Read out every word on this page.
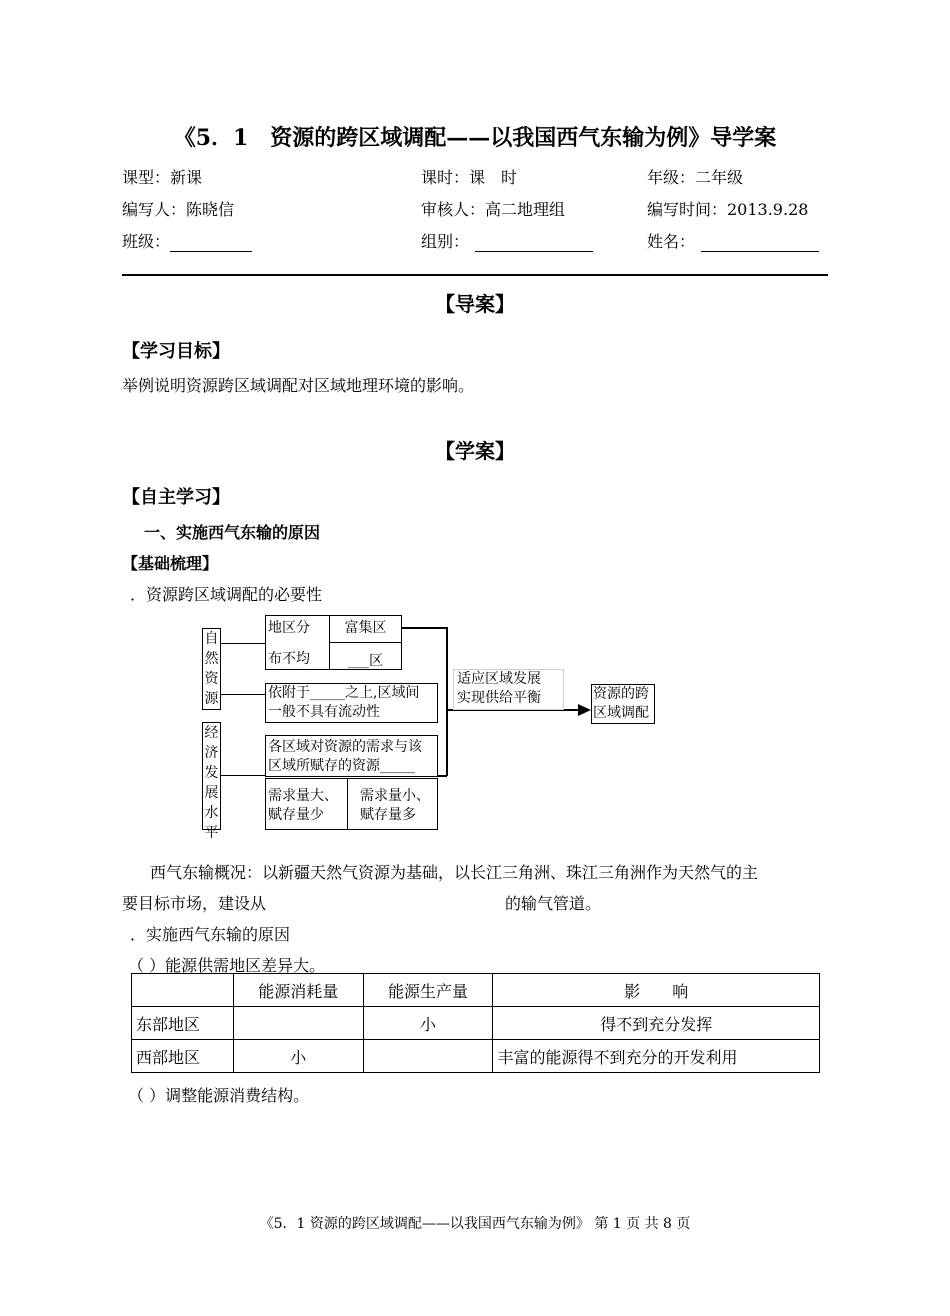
《5．1　资源的跨区域调配——以我国西气东输为例》导学案
课型：新课	课时：课　时	年级：二年级
编写人：陈晓信	审核人：高二地理组	编写时间：2013.9.28
班级：	组别：	姓名：
【导案】
【学习目标】
举例说明资源跨区域调配对区域地理环境的影响。
【学案】
【自主学习】
一、实施西气东输的原因
【基础梳理】
．资源跨区域调配的必要性
自
然
资
源
经
济
发
展
水
平
地区分
布不均
富集区
___区
依附于_____之上,区域间
一般不具有流动性
各区域对资源的需求与该
区域所赋存的资源_____
需求量大、
赋存量少
需求量小、
赋存量多
适应区域发展
实现供给平衡	资源的跨
区域调配
西气东输概况：以新疆天然气资源为基础，以长江三角洲、珠江三角洲作为天然气的主
要目标市场，建设从	的输气管道。
．实施西气东输的原因
（ ）能源供需地区差异大。
	能源消耗量	能源生产量	影　　响
东部地区		小	得不到充分发挥
西部地区	小		丰富的能源得不到充分的开发利用
（ ）调整能源消费结构。
《5．1 资源的跨区域调配——以我国西气东输为例》 第 1 页 共 8 页
